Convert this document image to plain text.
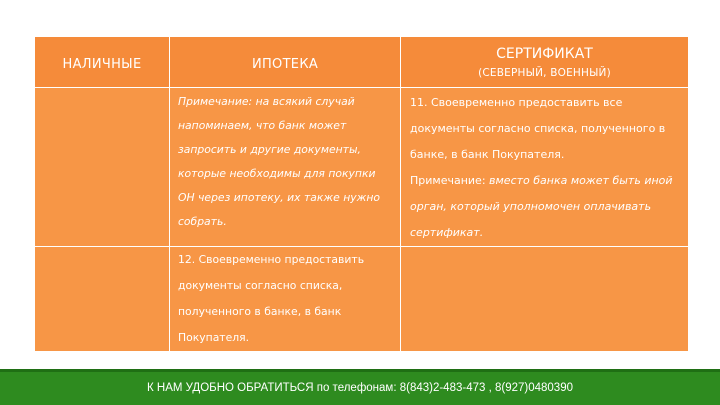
НАЛИЧНЫЕ	ИПОТЕКА	СЕРТИФИКАТ
(СЕВЕРНЫЙ, ВОЕННЫЙ)

	Примечание: на всякий случай напоминаем, что банк может запросить и другие документы, которые необходимы для покупки ОН через ипотеку, их также нужно собрать.	11. Своевременно предоставить все документы согласно списка, полученного в банке, в банк Покупателя.
Примечание: вместо банка может быть иной орган, который уполномочен оплачивать сертификат.

	12. Своевременно предоставить документы согласно списка, полученного в банке, в банк Покупателя.	

К НАМ УДОБНО ОБРАТИТЬСЯ по телефонам: 8(843)2-483-473 , 8(927)0480390
